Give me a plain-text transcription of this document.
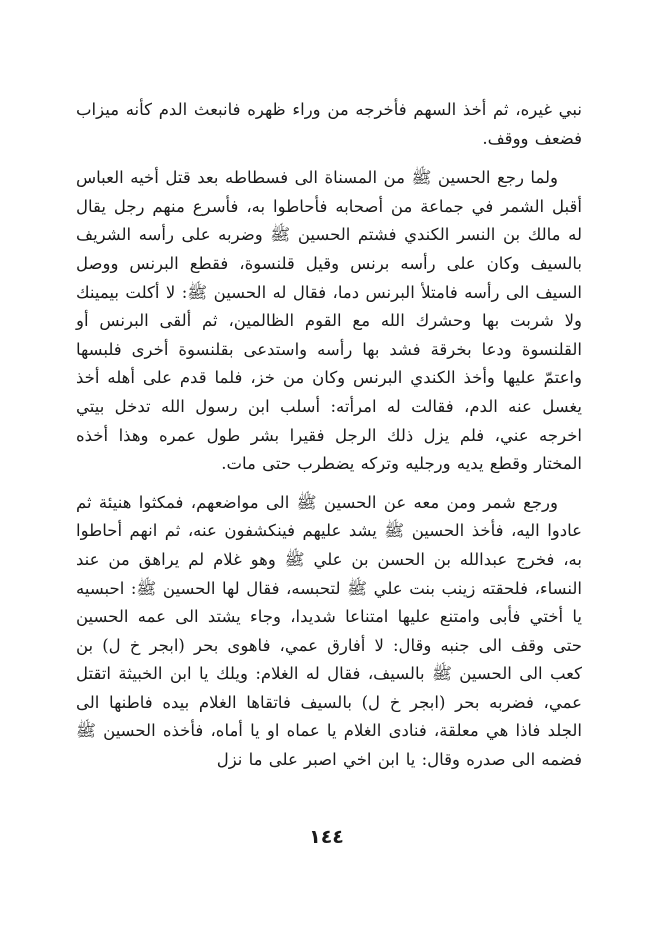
نبي غيره، ثم أخذ السهم فأخرجه من وراء ظهره فانبعث الدم كأنه ميزاب فضعف ووقف.

ولما رجع الحسين ﷺ من المسناة الى فسطاطه بعد قتل أخيه العباس أقبل الشمر في جماعة من أصحابه فأحاطوا به، فأسرع منهم رجل يقال له مالك بن النسر الكندي فشتم الحسين ﷺ وضربه على رأسه الشريف بالسيف وكان على رأسه برنس وقيل قلنسوة، فقطع البرنس ووصل السيف الى رأسه فامتلأ البرنس دما، فقال له الحسين ﷺ: لا أكلت بيمينك ولا شربت بها وحشرك الله مع القوم الظالمين، ثم ألقى البرنس أو القلنسوة ودعا بخرقة فشد بها رأسه واستدعى بقلنسوة أخرى فلبسها واعتمّ عليها وأخذ الكندي البرنس وكان من خز، فلما قدم على أهله أخذ يغسل عنه الدم، فقالت له امرأته: أسلب ابن رسول الله تدخل بيتي اخرجه عني، فلم يزل ذلك الرجل فقيرا بشر طول عمره وهذا أخذه المختار وقطع يديه ورجليه وتركه يضطرب حتى مات.

ورجع شمر ومن معه عن الحسين ﷺ الى مواضعهم، فمكثوا هنيئة ثم عادوا اليه، فأخذ الحسين ﷺ يشد عليهم فينكشفون عنه، ثم انهم أحاطوا به، فخرج عبدالله بن الحسن بن علي ﷺ وهو غلام لم يراهق من عند النساء، فلحقته زينب بنت علي ﷺ لتحبسه، فقال لها الحسين ﷺ: احبسيه يا أختي فأبى وامتنع عليها امتناعا شديدا، وجاء يشتد الى عمه الحسين حتى وقف الى جنبه وقال: لا أفارق عمي، فاهوى بحر (ابجر خ ل) بن كعب الى الحسين ﷺ بالسيف، فقال له الغلام: ويلك يا ابن الخبيثة اتقتل عمي، فضربه بحر (ابجر خ ل) بالسيف فاتقاها الغلام بيده فاطنها الى الجلد فاذا هي معلقة، فنادى الغلام يا عماه او يا أماه، فأخذه الحسين ﷺ فضمه الى صدره وقال: يا ابن اخي اصبر على ما نزل

١٤٤
